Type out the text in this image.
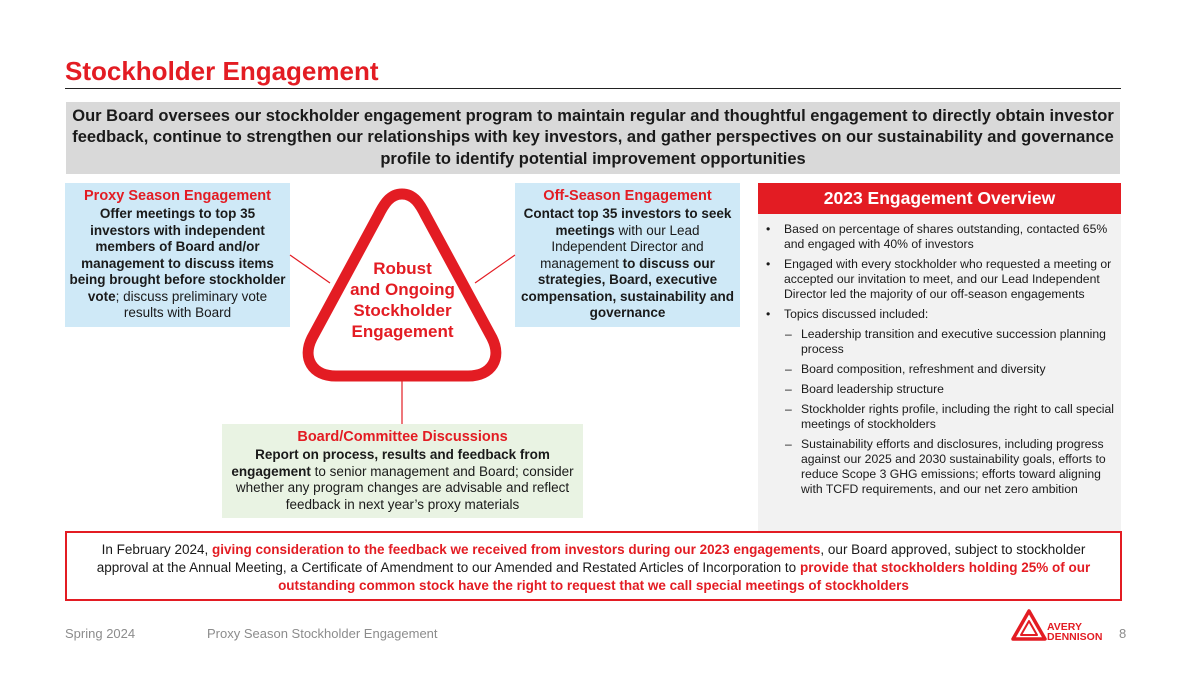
Stockholder Engagement
Our Board oversees our stockholder engagement program to maintain regular and thoughtful engagement to directly obtain investor feedback, continue to strengthen our relationships with key investors, and gather perspectives on our sustainability and governance profile to identify potential improvement opportunities
Proxy Season Engagement
Offer meetings to top 35 investors with independent members of Board and/or management to discuss items being brought before stockholder vote; discuss preliminary vote results with Board
Off-Season Engagement
Contact top 35 investors to seek meetings with our Lead Independent Director and management to discuss our strategies, Board, executive compensation, sustainability and governance
Robust
and Ongoing
Stockholder
Engagement
Board/Committee Discussions
Report on process, results and feedback from engagement to senior management and Board; consider whether any program changes are advisable and reflect feedback in next year’s proxy materials
2023 Engagement Overview
• Based on percentage of shares outstanding, contacted 65% and engaged with 40% of investors
• Engaged with every stockholder who requested a meeting or accepted our invitation to meet, and our Lead Independent Director led the majority of our off-season engagements
• Topics discussed included:
– Leadership transition and executive succession planning process
– Board composition, refreshment and diversity
– Board leadership structure
– Stockholder rights profile, including the right to call special meetings of stockholders
– Sustainability efforts and disclosures, including progress against our 2025 and 2030 sustainability goals, efforts to reduce Scope 3 GHG emissions; efforts toward aligning with TCFD requirements, and our net zero ambition
In February 2024, giving consideration to the feedback we received from investors during our 2023 engagements, our Board approved, subject to stockholder approval at the Annual Meeting, a Certificate of Amendment to our Amended and Restated Articles of Incorporation to provide that stockholders holding 25% of our outstanding common stock have the right to request that we call special meetings of stockholders
Spring 2024	Proxy Season Stockholder Engagement	8
AVERY
DENNISON
